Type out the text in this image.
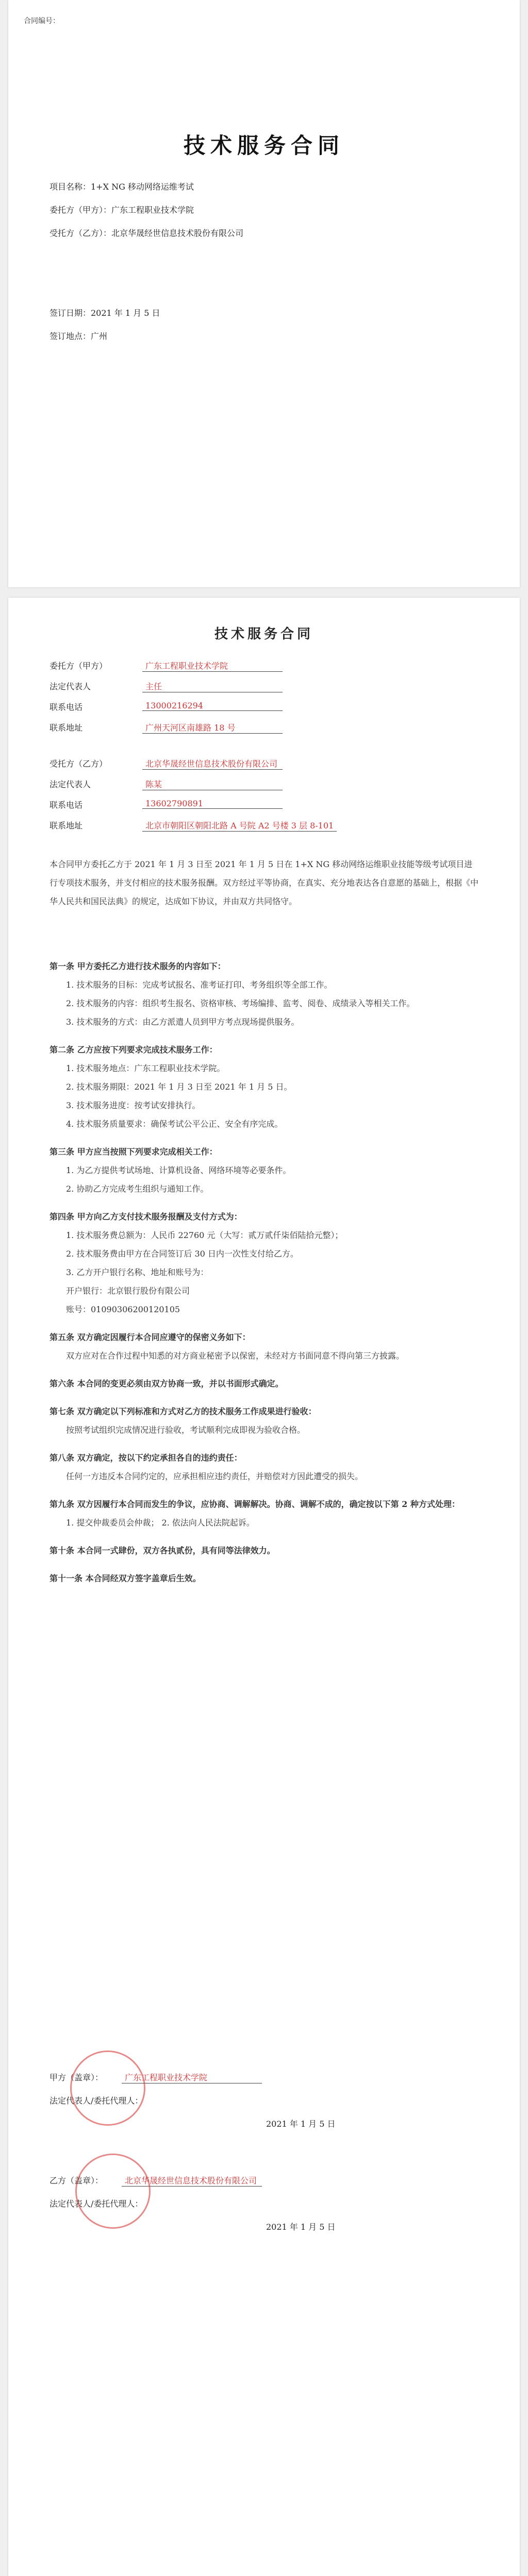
合同编号：
技术服务合同
项目名称：1+X NG 移动网络运维考试
委托方（甲方）：广东工程职业技术学院
受托方（乙方）：北京华晟经世信息技术股份有限公司
签订日期：2021 年 1 月 5 日
签订地点：广州
技术服务合同
委托方（甲方）	广东工程职业技术学院
法定代表人	主任
联系电话	13000216294
联系地址	广州天河区南雄路 18 号
受托方（乙方）	北京华晟经世信息技术股份有限公司
法定代表人	陈某
联系电话	13602790891
联系地址	北京市朝阳区朝阳北路 A 号院 A2 号楼 3 层 8-101
本合同甲方委托乙方于 2021 年 1 月 3 日至 2021 年 1 月 5 日在 1+X NG 移动网络运维职业技能等级考试项目进行专项技术服务，并支付相应的技术服务报酬。双方经过平等协商，在真实、充分地表达各自意愿的基础上，根据《中华人民共和国民法典》的规定，达成如下协议，并由双方共同恪守。
第一条 甲方委托乙方进行技术服务的内容如下：
1. 技术服务的目标：完成考试报名、准考证打印、考务组织等全部工作。
2. 技术服务的内容：组织考生报名、资格审核、考场编排、监考、阅卷、成绩录入等相关工作。
3. 技术服务的方式：由乙方派遣人员到甲方考点现场提供服务。
第二条 乙方应按下列要求完成技术服务工作：
1. 技术服务地点：广东工程职业技术学院。
2. 技术服务期限：2021 年 1 月 3 日至 2021 年 1 月 5 日。
3. 技术服务进度：按考试安排执行。
4. 技术服务质量要求：确保考试公平公正、安全有序完成。
第三条 甲方应当按照下列要求完成相关工作：
1. 为乙方提供考试场地、计算机设备、网络环境等必要条件。
2. 协助乙方完成考生组织与通知工作。
第四条 甲方向乙方支付技术服务报酬及支付方式为：
1. 技术服务费总额为：人民币 22760 元（大写：贰万贰仟柒佰陆拾元整）；
2. 技术服务费由甲方在合同签订后 30 日内一次性支付给乙方。
3. 乙方开户银行名称、地址和账号为：
开户银行：北京银行股份有限公司
账号：01090306200120105
第五条 双方确定因履行本合同应遵守的保密义务如下：
双方应对在合作过程中知悉的对方商业秘密予以保密，未经对方书面同意不得向第三方披露。
第六条 本合同的变更必须由双方协商一致，并以书面形式确定。
第七条 双方确定以下列标准和方式对乙方的技术服务工作成果进行验收：
按照考试组织完成情况进行验收，考试顺利完成即视为验收合格。
第八条 双方确定，按以下约定承担各自的违约责任：
任何一方违反本合同约定的，应承担相应违约责任，并赔偿对方因此遭受的损失。
第九条 双方因履行本合同而发生的争议，应协商、调解解决。协商、调解不成的，确定按以下第 2 种方式处理：
1. 提交仲裁委员会仲裁； 2. 依法向人民法院起诉。
第十条 本合同一式肆份，双方各执贰份，具有同等法律效力。
第十一条 本合同经双方签字盖章后生效。
甲方（盖章）：	广东工程职业技术学院
法定代表人/委托代理人：
2021 年 1 月 5 日
乙方（盖章）：	北京华晟经世信息技术股份有限公司
法定代表人/委托代理人：
2021 年 1 月 5 日
